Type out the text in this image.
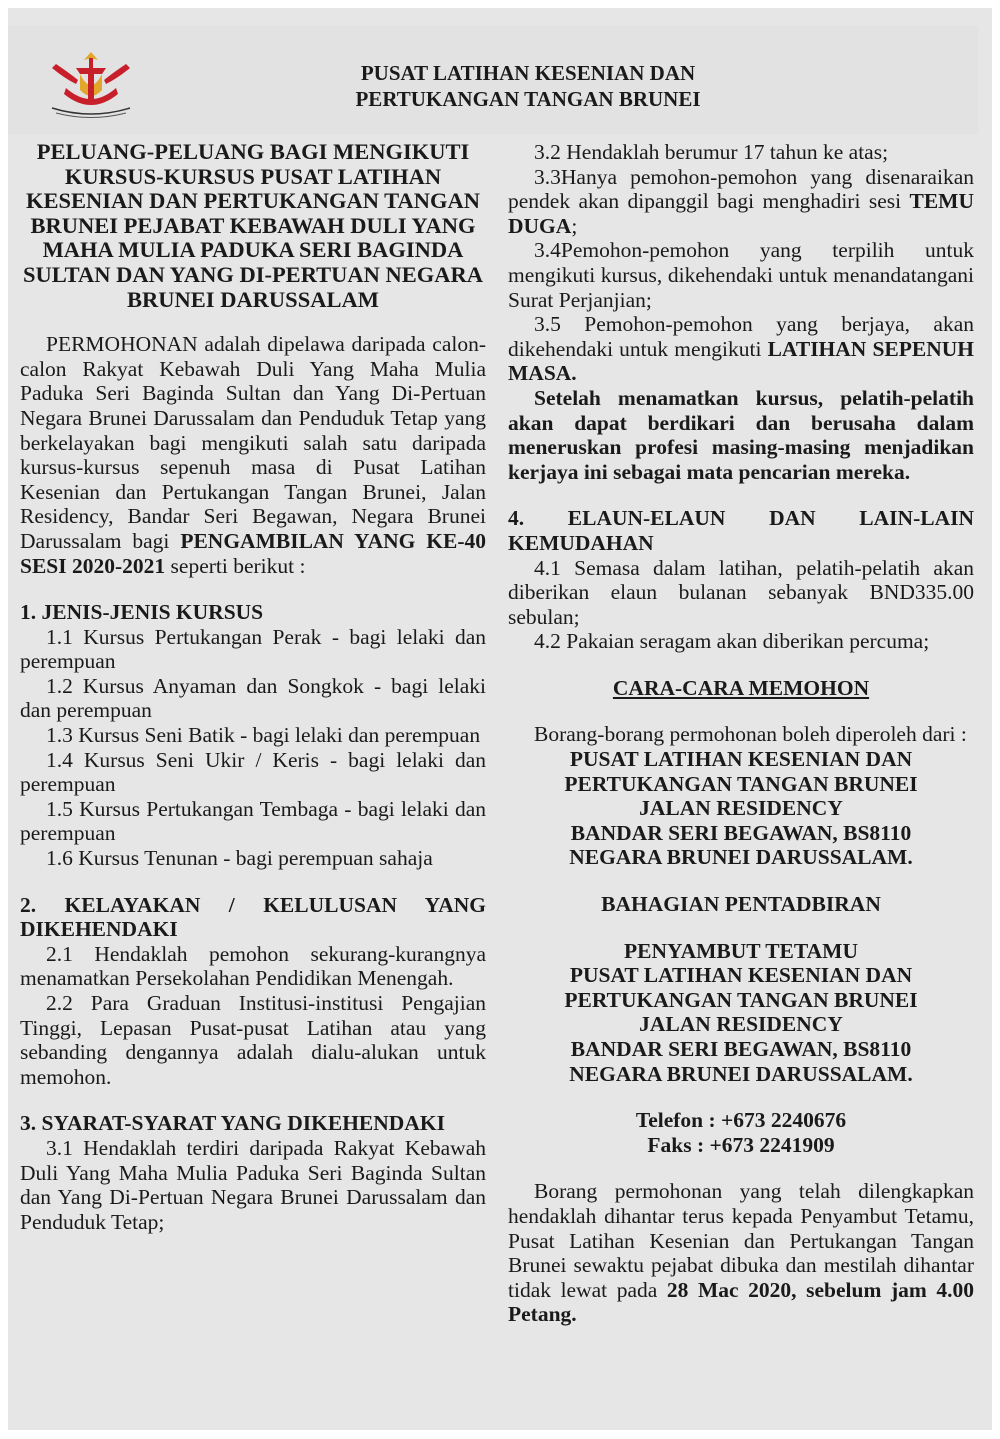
PUSAT LATIHAN KESENIAN DAN
PERTUKANGAN TANGAN BRUNEI
PELUANG-PELUANG BAGI MENGIKUTI KURSUS-KURSUS PUSAT LATIHAN KESENIAN DAN PERTUKANGAN TANGAN BRUNEI PEJABAT KEBAWAH DULI YANG MAHA MULIA PADUKA SERI BAGINDA SULTAN DAN YANG DI-PERTUAN NEGARA BRUNEI DARUSSALAM

PERMOHONAN adalah dipelawa daripada calon-calon Rakyat Kebawah Duli Yang Maha Mulia Paduka Seri Baginda Sultan dan Yang Di-Pertuan Negara Brunei Darussalam dan Penduduk Tetap yang berkelayakan bagi mengikuti salah satu daripada kursus-kursus sepenuh masa di Pusat Latihan Kesenian dan Pertukangan Tangan Brunei, Jalan Residency, Bandar Seri Begawan, Negara Brunei Darussalam bagi PENGAMBILAN YANG KE-40 SESI 2020-2021 seperti berikut :

1. JENIS-JENIS KURSUS

1.1 Kursus Pertukangan Perak - bagi lelaki dan perempuan

1.2 Kursus Anyaman dan Songkok - bagi lelaki dan perempuan

1.3 Kursus Seni Batik - bagi lelaki dan perempuan

1.4 Kursus Seni Ukir / Keris - bagi lelaki dan perempuan

1.5 Kursus Pertukangan Tembaga - bagi lelaki dan perempuan

1.6 Kursus Tenunan - bagi perempuan sahaja

2. KELAYAKAN / KELULUSAN YANG DIKEHENDAKI

2.1 Hendaklah pemohon sekurang-kurangnya menamatkan Persekolahan Pendidikan Menengah.

2.2 Para Graduan Institusi-institusi Pengajian Tinggi, Lepasan Pusat-pusat Latihan atau yang sebanding dengannya adalah dialu-alukan untuk memohon.

3. SYARAT-SYARAT YANG DIKEHENDAKI

3.1 Hendaklah terdiri daripada Rakyat Kebawah Duli Yang Maha Mulia Paduka Seri Baginda Sultan dan Yang Di-Pertuan Negara Brunei Darussalam dan Penduduk Tetap;

3.2 Hendaklah berumur 17 tahun ke atas;

3.3Hanya pemohon-pemohon yang disenaraikan pendek akan dipanggil bagi menghadiri sesi TEMU DUGA;

3.4Pemohon-pemohon yang terpilih untuk mengikuti kursus, dikehendaki untuk menandatangani Surat Perjanjian;

3.5 Pemohon-pemohon yang berjaya, akan dikehendaki untuk mengikuti LATIHAN SEPENUH MASA.

Setelah menamatkan kursus, pelatih-pelatih akan dapat berdikari dan berusaha dalam meneruskan profesi masing-masing menjadikan kerjaya ini sebagai mata pencarian mereka.

4. ELAUN-ELAUN DAN LAIN-LAIN KEMUDAHAN

4.1 Semasa dalam latihan, pelatih-pelatih akan diberikan elaun bulanan sebanyak BND335.00 sebulan;

4.2 Pakaian seragam akan diberikan percuma;

CARA-CARA MEMOHON

Borang-borang permohonan boleh diperoleh dari :

PUSAT LATIHAN KESENIAN DAN
PERTUKANGAN TANGAN BRUNEI
JALAN RESIDENCY
BANDAR SERI BEGAWAN, BS8110
NEGARA BRUNEI DARUSSALAM.

BAHAGIAN PENTADBIRAN

PENYAMBUT TETAMU
PUSAT LATIHAN KESENIAN DAN
PERTUKANGAN TANGAN BRUNEI
JALAN RESIDENCY
BANDAR SERI BEGAWAN, BS8110
NEGARA BRUNEI DARUSSALAM.
Telefon : +673 2240676
Faks : +673 2241909

Borang permohonan yang telah dilengkapkan hendaklah dihantar terus kepada Penyambut Tetamu, Pusat Latihan Kesenian dan Pertukangan Tangan Brunei sewaktu pejabat dibuka dan mestilah dihantar tidak lewat pada 28 Mac 2020, sebelum jam 4.00 Petang.
